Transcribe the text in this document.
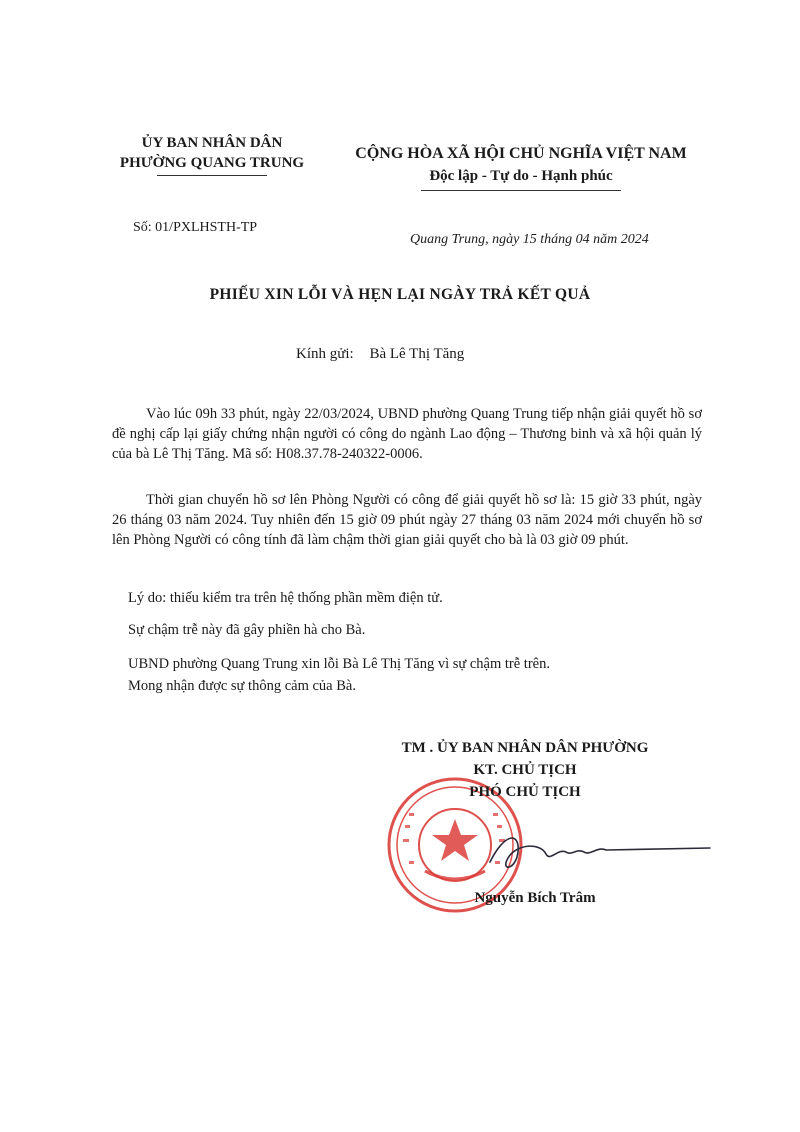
ỦY BAN NHÂN DÂN
PHƯỜNG QUANG TRUNG
CỘNG HÒA XÃ HỘI CHỦ NGHĨA VIỆT NAM
Độc lập - Tự do - Hạnh phúc
Số: 01/PXLHSTH-TP
Quang Trung, ngày 15 tháng 04 năm 2024
PHIẾU XIN LỖI VÀ HẸN LẠI NGÀY TRẢ KẾT QUẢ
Kính gửi: Bà Lê Thị Tăng
Vào lúc 09h 33 phút, ngày 22/03/2024, UBND phường Quang Trung tiếp nhận giải quyết hồ sơ đề nghị cấp lại giấy chứng nhận người có công do ngành Lao động – Thương binh và xã hội quản lý của bà Lê Thị Tăng. Mã số: H08.37.78-240322-0006.
Thời gian chuyển hồ sơ lên Phòng Người có công để giải quyết hồ sơ là: 15 giờ 33 phút, ngày 26 tháng 03 năm 2024. Tuy nhiên đến 15 giờ 09 phút ngày 27 tháng 03 năm 2024 mới chuyển hồ sơ lên Phòng Người có công tính đã làm chậm thời gian giải quyết cho bà là 03 giờ 09 phút.
Lý do: thiếu kiểm tra trên hệ thống phần mềm điện tử.
Sự chậm trễ này đã gây phiền hà cho Bà.
UBND phường Quang Trung xin lỗi Bà Lê Thị Tăng vì sự chậm trễ trên.
Mong nhận được sự thông cảm của Bà.
TM . ỦY BAN NHÂN DÂN PHƯỜNG
KT. CHỦ TỊCH
PHÓ CHỦ TỊCH
Nguyễn Bích Trâm
